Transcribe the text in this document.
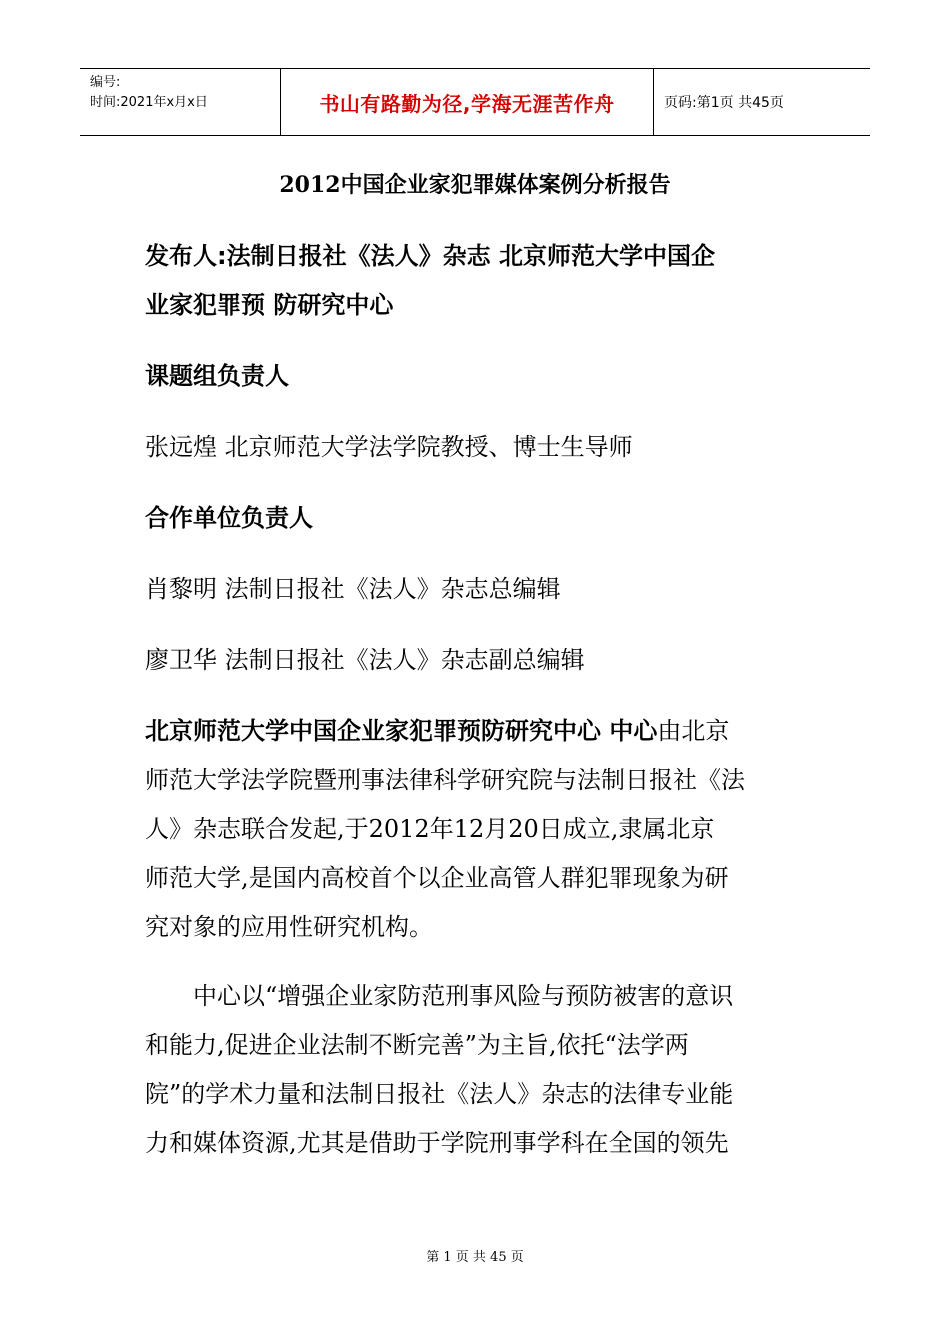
编号:
时间:2021年x月x日	书山有路勤为径,学海无涯苦作舟	页码:第1页 共45页
2012中国企业家犯罪媒体案例分析报告

发布人:法制日报社《法人》杂志 北京师范大学中国企

业家犯罪预 防研究中心

课题组负责人

张远煌 北京师范大学法学院教授、博士生导师

合作单位负责人

肖黎明 法制日报社《法人》杂志总编辑

廖卫华 法制日报社《法人》杂志副总编辑

北京师范大学中国企业家犯罪预防研究中心 中心由北京

师范大学法学院暨刑事法律科学研究院与法制日报社《法

人》杂志联合发起,于2012年12月20日成立,隶属北京

师范大学,是国内高校首个以企业高管人群犯罪现象为研

究对象的应用性研究机构。

中心以“增强企业家防范刑事风险与预防被害的意识

和能力,促进企业法制不断完善”为主旨,依托“法学两

院”的学术力量和法制日报社《法人》杂志的法律专业能

力和媒体资源,尤其是借助于学院刑事学科在全国的领先

第 1 页 共 45 页
